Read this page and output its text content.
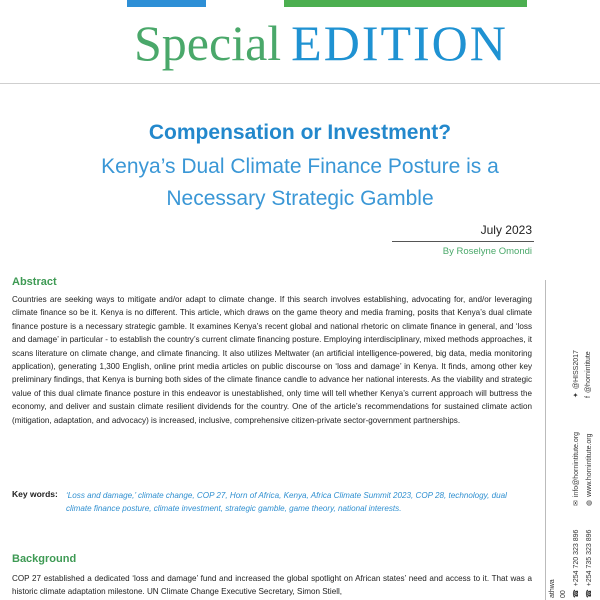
Special EDITION
Compensation or Investment?
Kenya’s Dual Climate Finance Posture is a Necessary Strategic Gamble
July 2023
By Roselyne Omondi
Abstract
Countries are seeking ways to mitigate and/or adapt to climate change. If this search involves establishing, advocating for, and/or leveraging climate finance so be it. Kenya is no different. This article, which draws on the game theory and media framing, posits that Kenya’s dual climate finance posture is a necessary strategic gamble. It examines Kenya’s recent global and national rhetoric on climate finance in general, and ‘loss and damage’ in particular - to establish the country’s current climate financing posture. Employing interdisciplinary, mixed methods approaches, it scans literature on climate change, and climate financing. It also utilizes Meltwater (an artificial intelligence-powered, big data, media monitoring application), generating 1,300 English, online print media articles on public discourse on ‘loss and damage’ in Kenya. It finds, among other key preliminary findings, that Kenya is burning both sides of the climate finance candle to advance her national interests. As the viability and strategic value of this dual climate finance posture in this endeavor is unestablished, only time will tell whether Kenya’s current approach will buttress the economy, and deliver and sustain climate resilient dividends for the country. One of the article’s recommendations for sustained climate action (mitigation, adaptation, and advocacy) is increased, inclusive, comprehensive citizen-private sector-government partnerships.
Key words: ‘Loss and damage,’ climate change, COP 27, Horn of Africa, Kenya, Africa Climate Summit 2023, COP 28, technology, dual climate finance posture, climate investment, strategic gamble, game theory, national interests.
Background
COP 27 established a dedicated ‘loss and damage’ fund and increased the global spotlight on African states’ need and access to it. That was a historic climate adaptation milestone. UN Climate Change Executive Secretary, Simon Stiell,	☎+254 720 323 896
✉info@hornintitute.org
✦@HISS2017
☎+254 735 323 896
◍www.hornintitute.org
f@hornintitute
athwa 00
